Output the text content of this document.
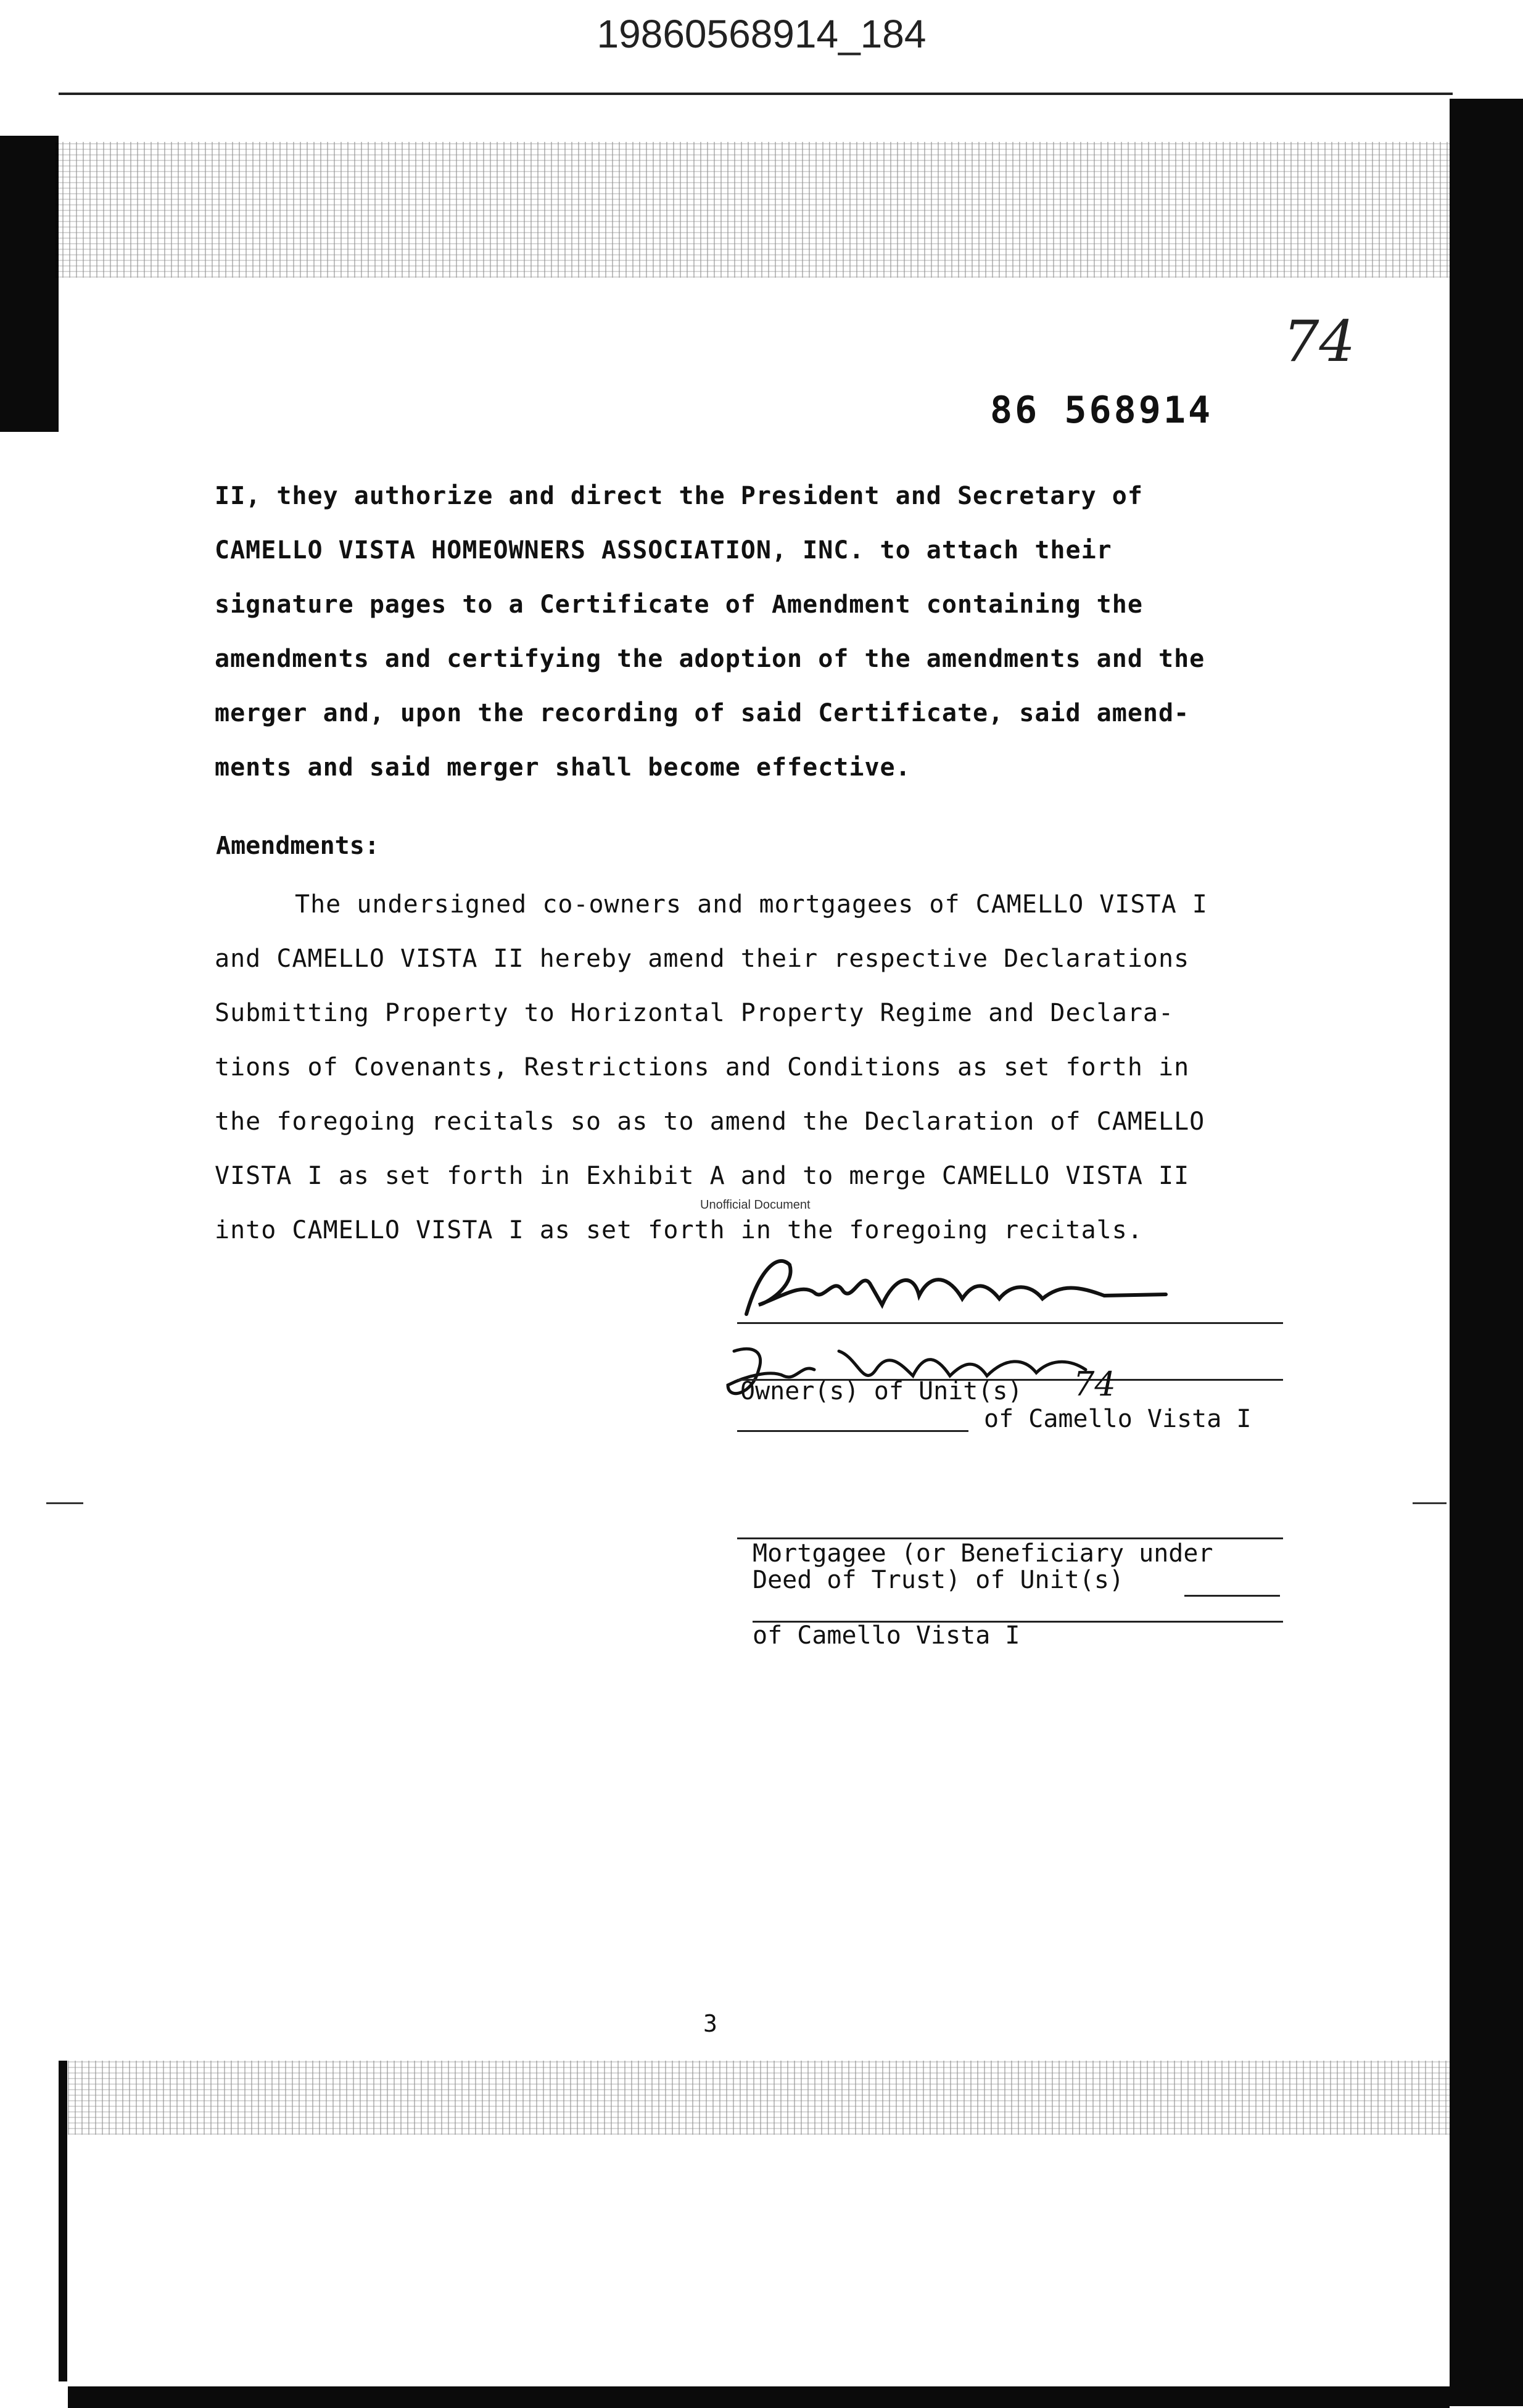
19860568914_184
74
86 568914

II, they authorize and direct the President and Secretary of

CAMELLO VISTA HOMEOWNERS ASSOCIATION, INC. to attach their

signature pages to a Certificate of Amendment containing the

amendments and certifying the adoption of the amendments and the

merger and, upon the recording of said Certificate, said amend-

ments and said merger shall become effective.

Amendments:

The undersigned co-owners and mortgagees of CAMELLO VISTA I

and CAMELLO VISTA II hereby amend their respective Declarations

Submitting Property to Horizontal Property Regime and Declara-

tions of Covenants, Restrictions and Conditions as set forth in

the foregoing recitals so as to amend the Declaration of CAMELLO

VISTA I as set forth in Exhibit A and to merge CAMELLO VISTA II

into CAMELLO VISTA I as set forth in the foregoing recitals.

Unofficial Document
Owner(s) of Unit(s) 74
of Camello Vista I
Mortgagee (or Beneficiary under
Deed of Trust) of Unit(s)
of Camello Vista I
3
